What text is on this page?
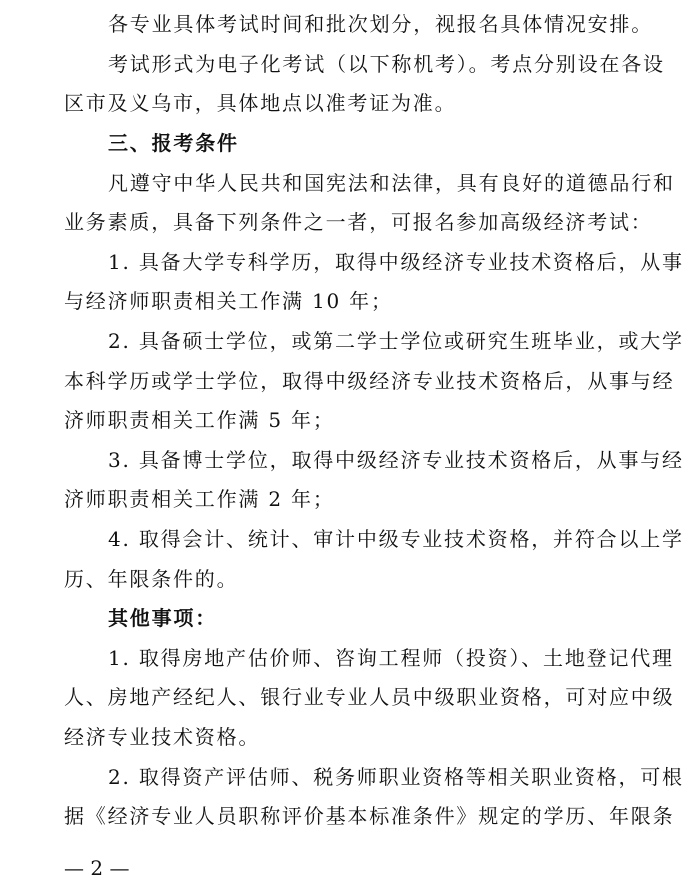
各专业具体考试时间和批次划分，视报名具体情况安排。
考试形式为电子化考试（以下称机考）。考点分别设在各设
区市及义乌市，具体地点以准考证为准。
三、报考条件
凡遵守中华人民共和国宪法和法律，具有良好的道德品行和
业务素质，具备下列条件之一者，可报名参加高级经济考试：
1. 具备大学专科学历，取得中级经济专业技术资格后，从事
与经济师职责相关工作满 10 年；
2. 具备硕士学位，或第二学士学位或研究生班毕业，或大学
本科学历或学士学位，取得中级经济专业技术资格后，从事与经
济师职责相关工作满 5 年；
3. 具备博士学位，取得中级经济专业技术资格后，从事与经
济师职责相关工作满 2 年；
4. 取得会计、统计、审计中级专业技术资格，并符合以上学
历、年限条件的。
其他事项：
1. 取得房地产估价师、咨询工程师（投资）、土地登记代理
人、房地产经纪人、银行业专业人员中级职业资格，可对应中级
经济专业技术资格。
2. 取得资产评估师、税务师职业资格等相关职业资格，可根
据《经济专业人员职称评价基本标准条件》规定的学历、年限条
— 2 —
